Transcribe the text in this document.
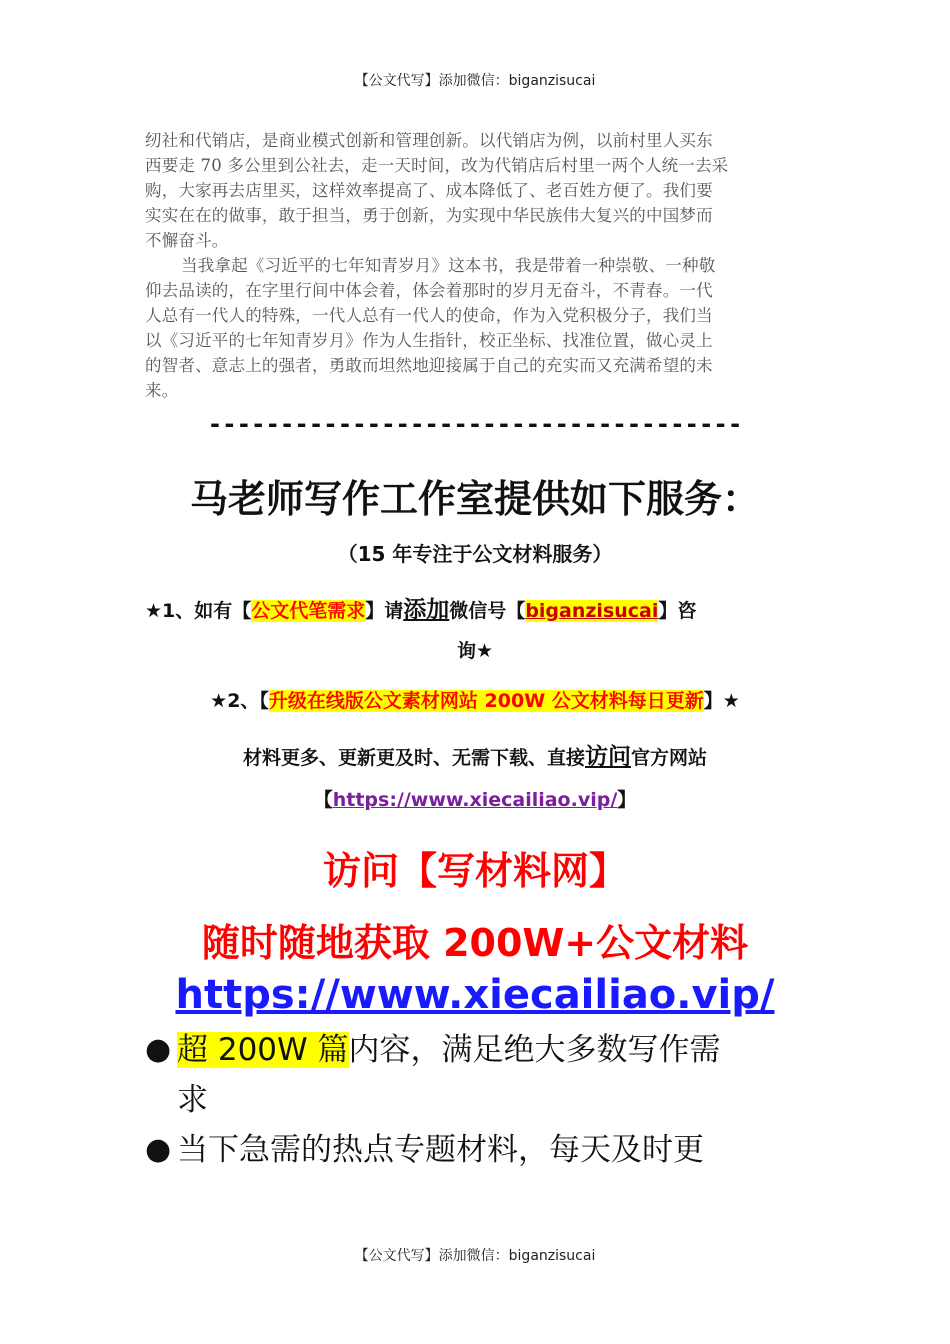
【公文代写】添加微信：biganzisucai
纫社和代销店，是商业模式创新和管理创新。以代销店为例，以前村里人买东
西要走 70 多公里到公社去，走一天时间，改为代销店后村里一两个人统一去采
购，大家再去店里买，这样效率提高了、成本降低了、老百姓方便了。我们要
实实在在的做事，敢于担当，勇于创新，为实现中华民族伟大复兴的中国梦而
不懈奋斗。
当我拿起《习近平的七年知青岁月》这本书，我是带着一种崇敬、一种敬
仰去品读的，在字里行间中体会着，体会着那时的岁月无奋斗，不青春。一代
人总有一代人的特殊，一代人总有一代人的使命，作为入党积极分子，我们当
以《习近平的七年知青岁月》作为人生指针，校正坐标、找准位置，做心灵上
的智者、意志上的强者，勇敢而坦然地迎接属于自己的充实而又充满希望的未
来。
-------------------------------------
马老师写作工作室提供如下服务：
（15 年专注于公文材料服务）
★1、如有【公文代笔需求】请添加微信号【biganzisucai】咨
询★
★2、【升级在线版公文素材网站 200W 公文材料每日更新】★
材料更多、更新更及时、无需下载、直接访问官方网站
【https://www.xiecailiao.vip/】
访问【写材料网】
随时随地获取 200W+公文材料
https://www.xiecailiao.vip/
● 超 200W 篇内容，满足绝大多数写作需
求
● 当下急需的热点专题材料，每天及时更
【公文代写】添加微信：biganzisucai
